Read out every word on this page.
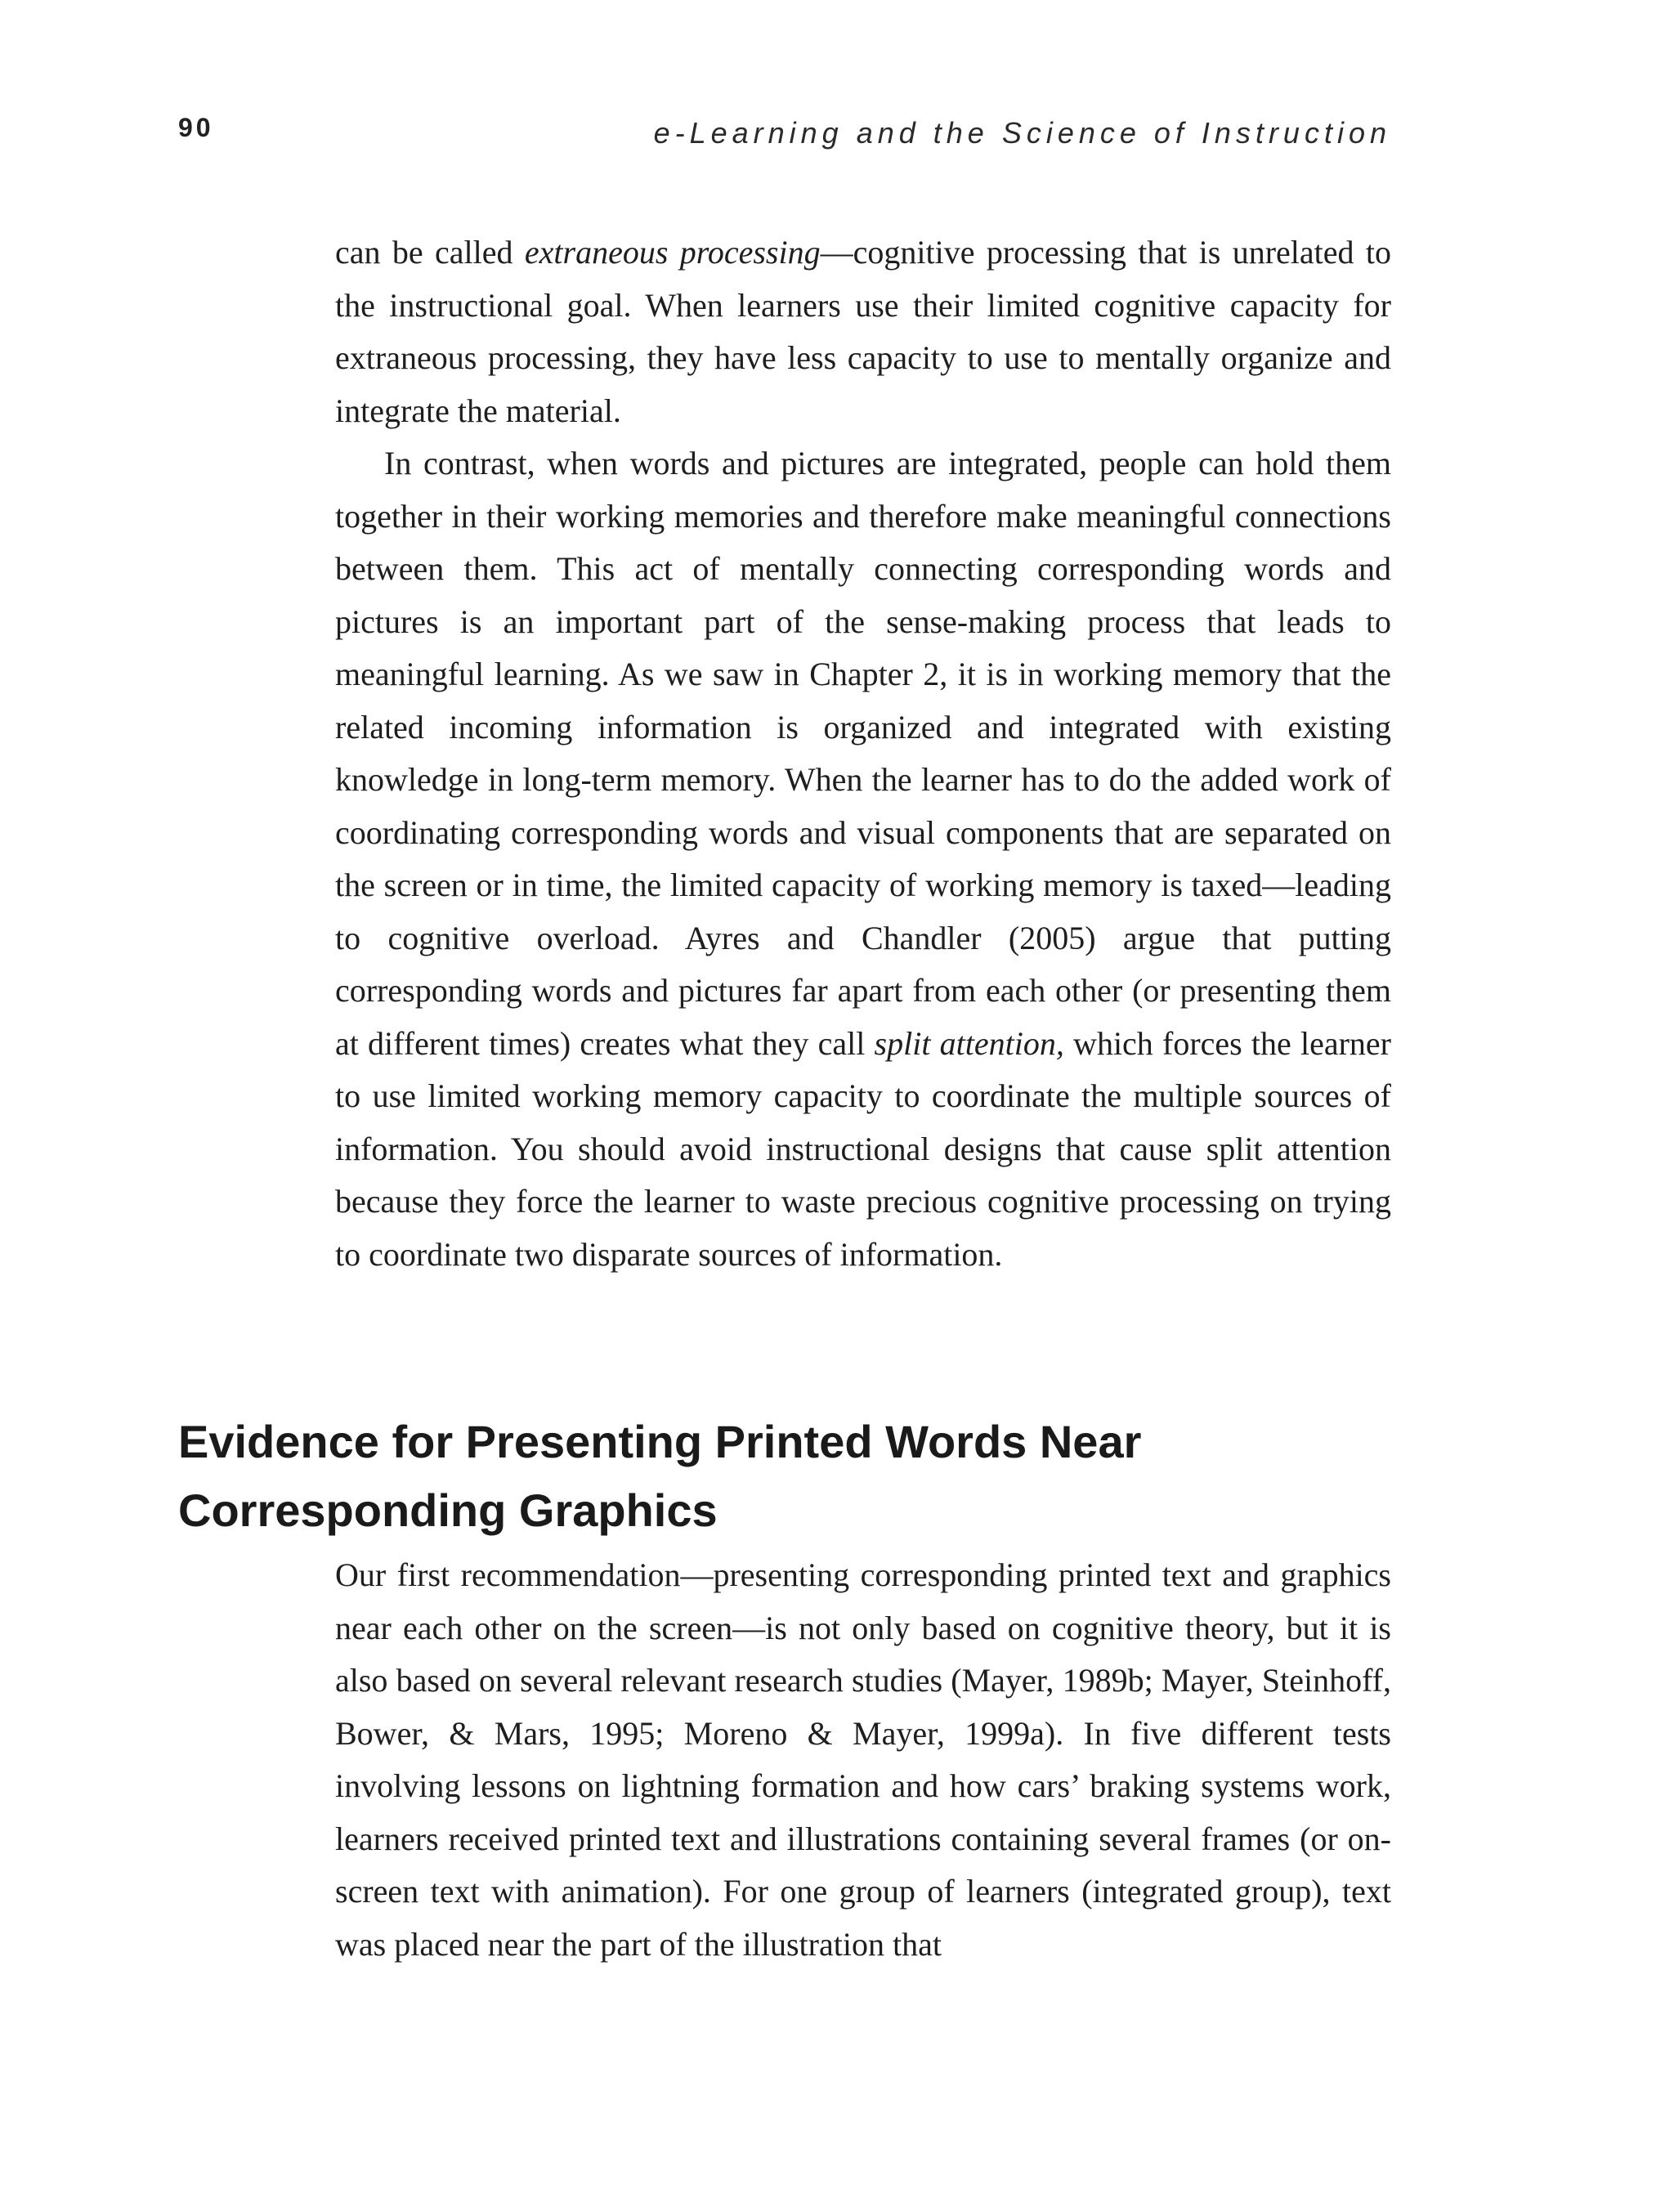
90	e-Learning and the Science of Instruction

can be called extraneous processing—cognitive processing that is unrelated to the instructional goal. When learners use their limited cognitive capacity for extraneous processing, they have less capacity to use to mentally organize and integrate the material.

In contrast, when words and pictures are integrated, people can hold them together in their working memories and therefore make meaningful connections between them. This act of mentally connecting corresponding words and pictures is an important part of the sense-making process that leads to meaningful learning. As we saw in Chapter 2, it is in working memory that the related incoming information is organized and integrated with existing knowledge in long-term memory. When the learner has to do the added work of coordinating corresponding words and visual components that are separated on the screen or in time, the limited capacity of working memory is taxed—leading to cognitive overload. Ayres and Chandler (2005) argue that putting corresponding words and pictures far apart from each other (or presenting them at different times) creates what they call split attention, which forces the learner to use limited working memory capacity to coordinate the multiple sources of information. You should avoid instructional designs that cause split attention because they force the learner to waste precious cognitive processing on trying to coordinate two disparate sources of information.

Evidence for Presenting Printed Words Near
Corresponding Graphics

Our first recommendation—presenting corresponding printed text and graphics near each other on the screen—is not only based on cognitive theory, but it is also based on several relevant research studies (Mayer, 1989b; Mayer, Steinhoff, Bower, & Mars, 1995; Moreno & Mayer, 1999a). In five different tests involving lessons on lightning formation and how cars’ braking systems work, learners received printed text and illustrations containing several frames (or on-screen text with animation). For one group of learners (integrated group), text was placed near the part of the illustration that
